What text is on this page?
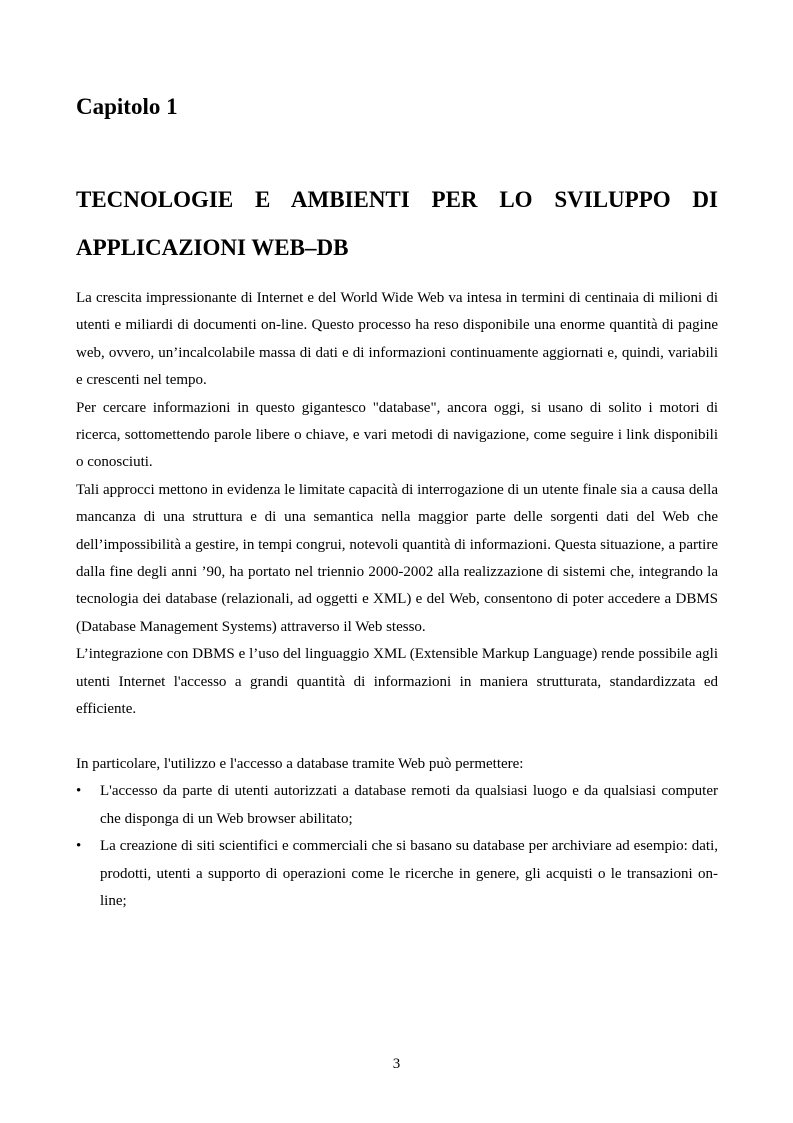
Capitolo 1
TECNOLOGIE E AMBIENTI PER LO SVILUPPO DI
APPLICAZIONI WEB–DB

La crescita impressionante di Internet e del World Wide Web va intesa in termini di centinaia di milioni di utenti e miliardi di documenti on-line. Questo processo ha reso disponibile una enorme quantità di pagine web, ovvero, un’incalcolabile massa di dati e di informazioni continuamente aggiornati e, quindi, variabili e crescenti nel tempo.

Per cercare informazioni in questo gigantesco "database", ancora oggi, si usano di solito i motori di ricerca, sottomettendo parole libere o chiave, e vari metodi di navigazione, come seguire i link disponibili o conosciuti.

Tali approcci mettono in evidenza le limitate capacità di interrogazione di un utente finale sia a causa della mancanza di una struttura e di una semantica nella maggior parte delle sorgenti dati del Web che dell’impossibilità a gestire, in tempi congrui, notevoli quantità di informazioni. Questa situazione, a partire dalla fine degli anni ’90, ha portato nel triennio 2000-2002 alla realizzazione di sistemi che, integrando la tecnologia dei database (relazionali, ad oggetti e XML) e del Web, consentono di poter accedere a DBMS (Database Management Systems) attraverso il Web stesso.

L’integrazione con DBMS e l’uso del linguaggio XML (Extensible Markup Language) rende possibile agli utenti Internet l'accesso a grandi quantità di informazioni in maniera strutturata, standardizzata ed efficiente.

In particolare, l'utilizzo e l'accesso a database tramite Web può permettere:

• L'accesso da parte di utenti autorizzati a database remoti da qualsiasi luogo e da qualsiasi computer che disponga di un Web browser abilitato;
• La creazione di siti scientifici e commerciali che si basano su database per archiviare ad esempio: dati, prodotti, utenti a supporto di operazioni come le ricerche in genere, gli acquisti o le transazioni on-line;
3
